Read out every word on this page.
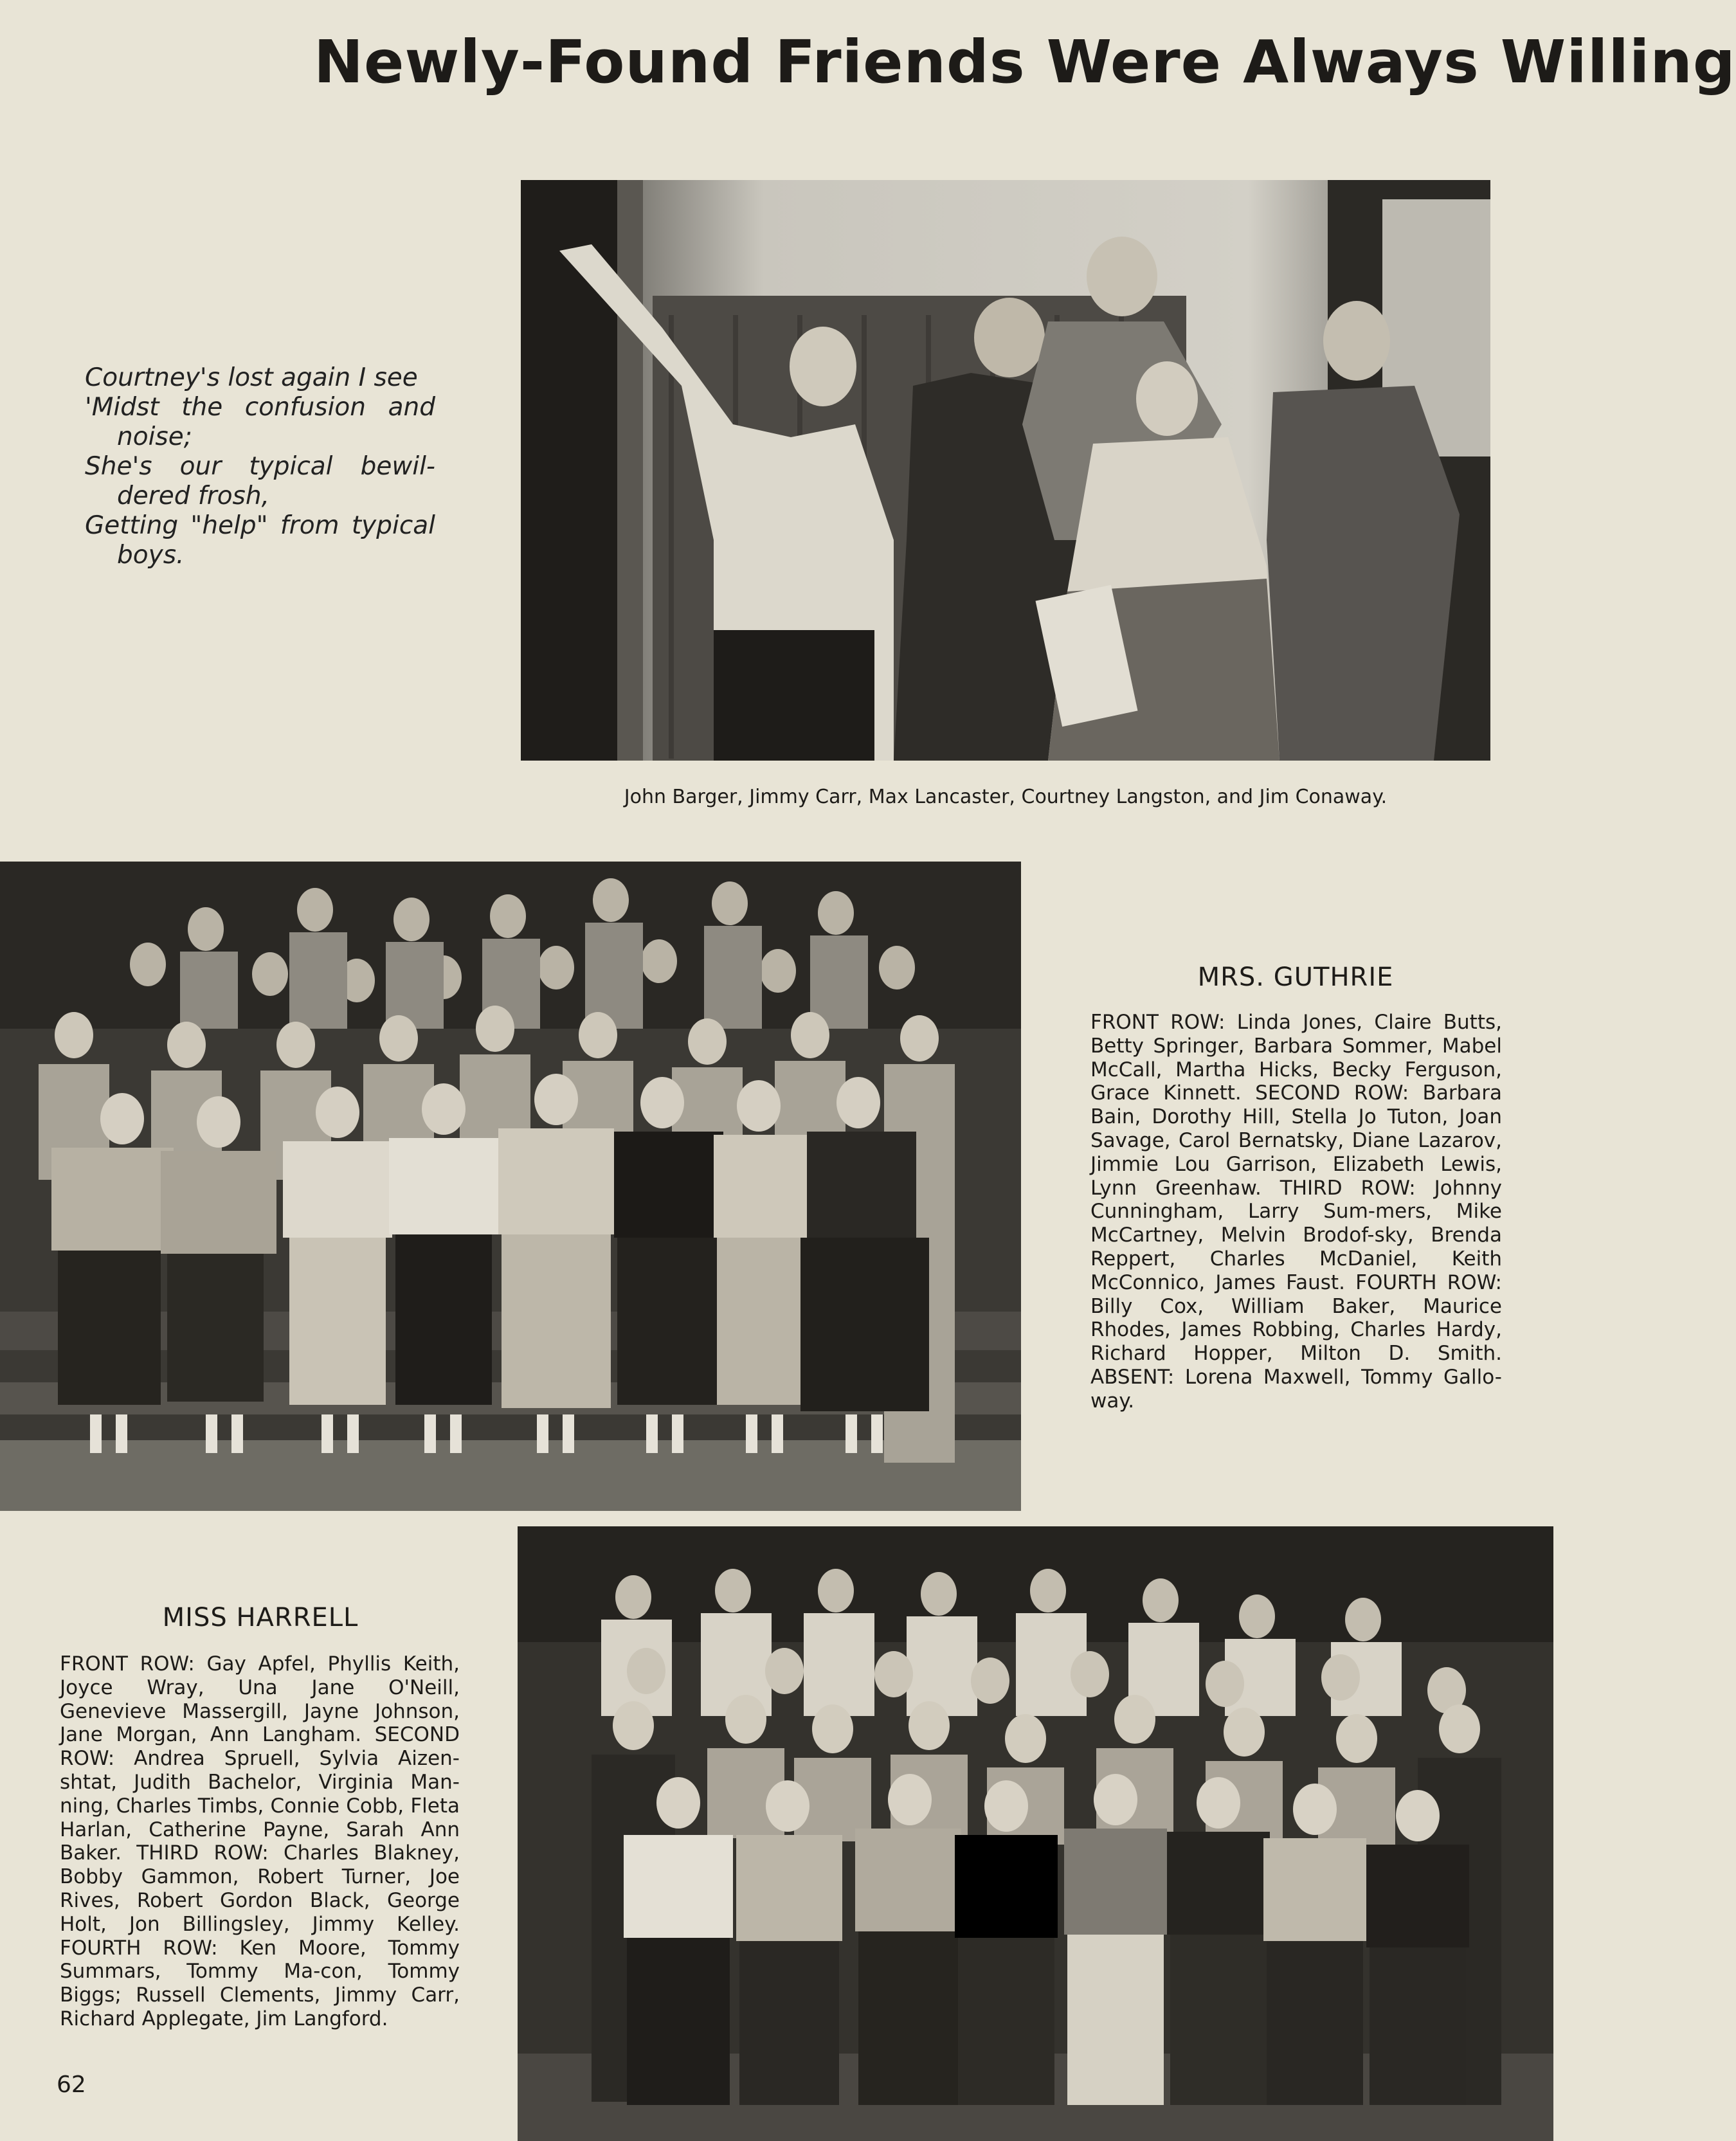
Newly-Found Friends Were Always Willing
Courtney's lost again I see
'Midst the confusion and
noise;
She's our typical bewil-
dered frosh,
Getting "help" from typical
boys.
John Barger, Jimmy Carr, Max Lancaster, Courtney Langston, and Jim Conaway.
MRS. GUTHRIE
FRONT ROW: Linda Jones, Claire Butts, Betty Springer, Barbara Sommer, Mabel McCall, Martha Hicks, Becky Ferguson, Grace Kinnett. SECOND ROW: Barbara Bain, Dorothy Hill, Stella Jo Tuton, Joan Savage, Carol Bernatsky, Diane Lazarov, Jimmie Lou Garrison, Elizabeth Lewis, Lynn Greenhaw. THIRD ROW: Johnny Cunningham, Larry Sum-mers, Mike McCartney, Melvin Brodof-sky, Brenda Reppert, Charles McDaniel, Keith McConnico, James Faust. FOURTH ROW: Billy Cox, William Baker, Maurice Rhodes, James Robbing, Charles Hardy, Richard Hopper, Milton D. Smith. ABSENT: Lorena Maxwell, Tommy Gallo-way.
MISS HARRELL
FRONT ROW: Gay Apfel, Phyllis Keith, Joyce Wray, Una Jane O'Neill, Genevieve Massergill, Jayne Johnson, Jane Morgan, Ann Langham. SECOND ROW: Andrea Spruell, Sylvia Aizen-shtat, Judith Bachelor, Virginia Man-ning, Charles Timbs, Connie Cobb, Fleta Harlan, Catherine Payne, Sarah Ann Baker. THIRD ROW: Charles Blakney, Bobby Gammon, Robert Turner, Joe Rives, Robert Gordon Black, George Holt, Jon Billingsley, Jimmy Kelley. FOURTH ROW: Ken Moore, Tommy Summars, Tommy Ma-con, Tommy Biggs; Russell Clements, Jimmy Carr, Richard Applegate, Jim Langford.
62
